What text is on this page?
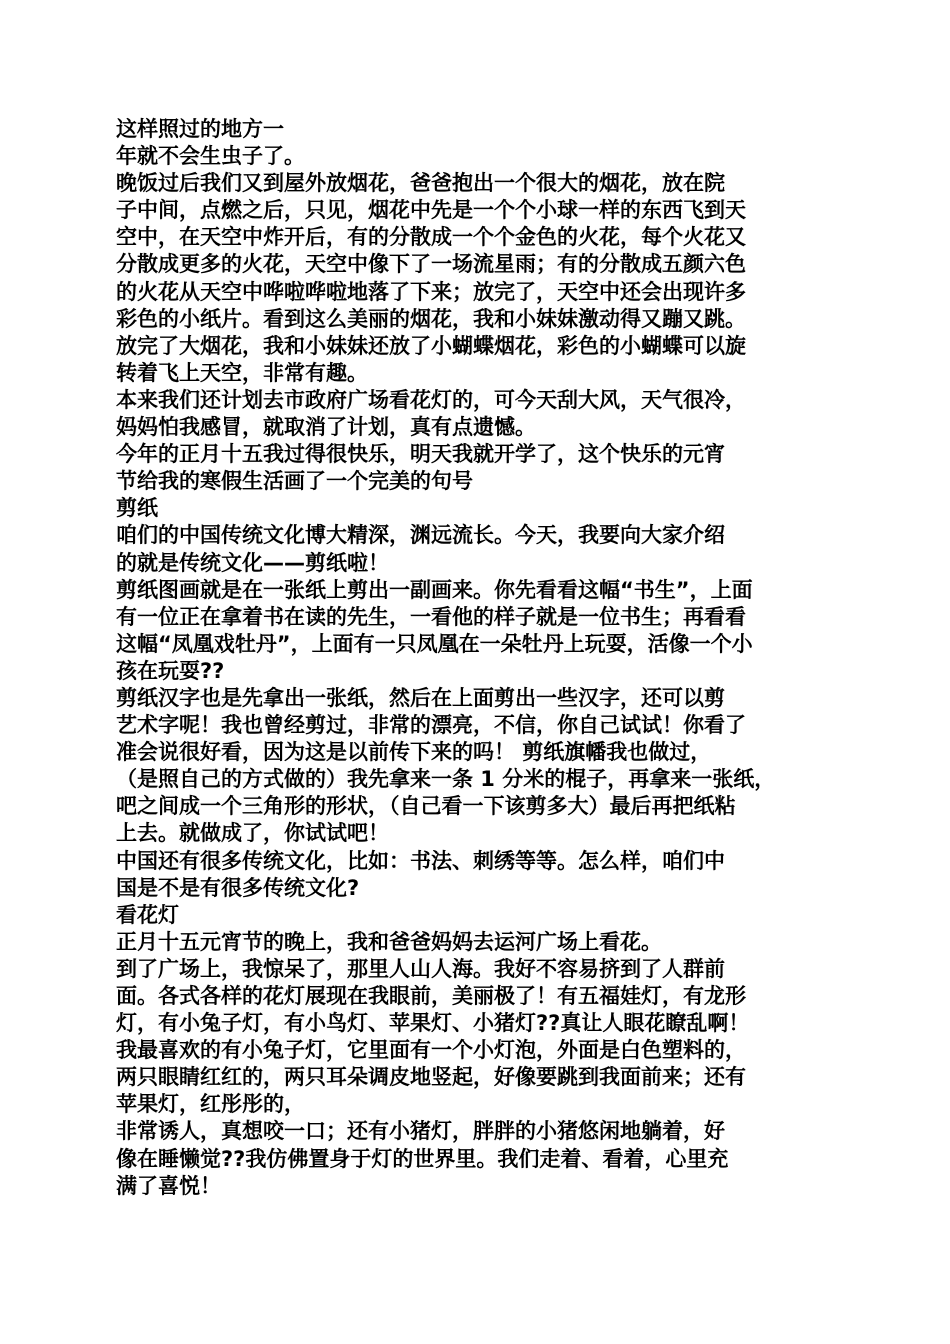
这样照过的地方一
年就不会生虫子了。
晚饭过后我们又到屋外放烟花，爸爸抱出一个很大的烟花，放在院
子中间，点燃之后，只见，烟花中先是一个个小球一样的东西飞到天
空中，在天空中炸开后，有的分散成一个个金色的火花，每个火花又
分散成更多的火花，天空中像下了一场流星雨；有的分散成五颜六色
的火花从天空中哗啦哗啦地落了下来；放完了，天空中还会出现许多
彩色的小纸片。看到这么美丽的烟花，我和小妹妹激动得又蹦又跳。
放完了大烟花，我和小妹妹还放了小蝴蝶烟花，彩色的小蝴蝶可以旋
转着飞上天空，非常有趣。
本来我们还计划去市政府广场看花灯的，可今天刮大风，天气很冷，
妈妈怕我感冒，就取消了计划，真有点遗憾。
今年的正月十五我过得很快乐，明天我就开学了，这个快乐的元宵
节给我的寒假生活画了一个完美的句号
剪纸
咱们的中国传统文化博大精深，渊远流长。今天，我要向大家介绍
的就是传统文化——剪纸啦！
剪纸图画就是在一张纸上剪出一副画来。你先看看这幅“书生”，上面
有一位正在拿着书在读的先生，一看他的样子就是一位书生；再看看
这幅“凤凰戏牡丹”，上面有一只凤凰在一朵牡丹上玩耍，活像一个小
孩在玩耍??
剪纸汉字也是先拿出一张纸，然后在上面剪出一些汉字，还可以剪
艺术字呢！我也曾经剪过，非常的漂亮，不信，你自己试试！你看了
准会说很好看，因为这是以前传下来的吗！ 剪纸旗幡我也做过，
（是照自己的方式做的）我先拿来一条 1 分米的棍子，再拿来一张纸，
吧之间成一个三角形的形状，（自己看一下该剪多大）最后再把纸粘
上去。就做成了，你试试吧！
中国还有很多传统文化，比如：书法、刺绣等等。怎么样，咱们中
国是不是有很多传统文化?
看花灯
正月十五元宵节的晚上，我和爸爸妈妈去运河广场上看花。
到了广场上，我惊呆了，那里人山人海。我好不容易挤到了人群前
面。各式各样的花灯展现在我眼前，美丽极了！有五福娃灯，有龙形
灯，有小兔子灯，有小鸟灯、苹果灯、小猪灯??真让人眼花瞭乱啊！
我最喜欢的有小兔子灯，它里面有一个小灯泡，外面是白色塑料的，
两只眼睛红红的，两只耳朵调皮地竖起，好像要跳到我面前来；还有
苹果灯，红彤彤的，
非常诱人，真想咬一口；还有小猪灯，胖胖的小猪悠闲地躺着，好
像在睡懒觉??我仿佛置身于灯的世界里。我们走着、看着，心里充
满了喜悦！
